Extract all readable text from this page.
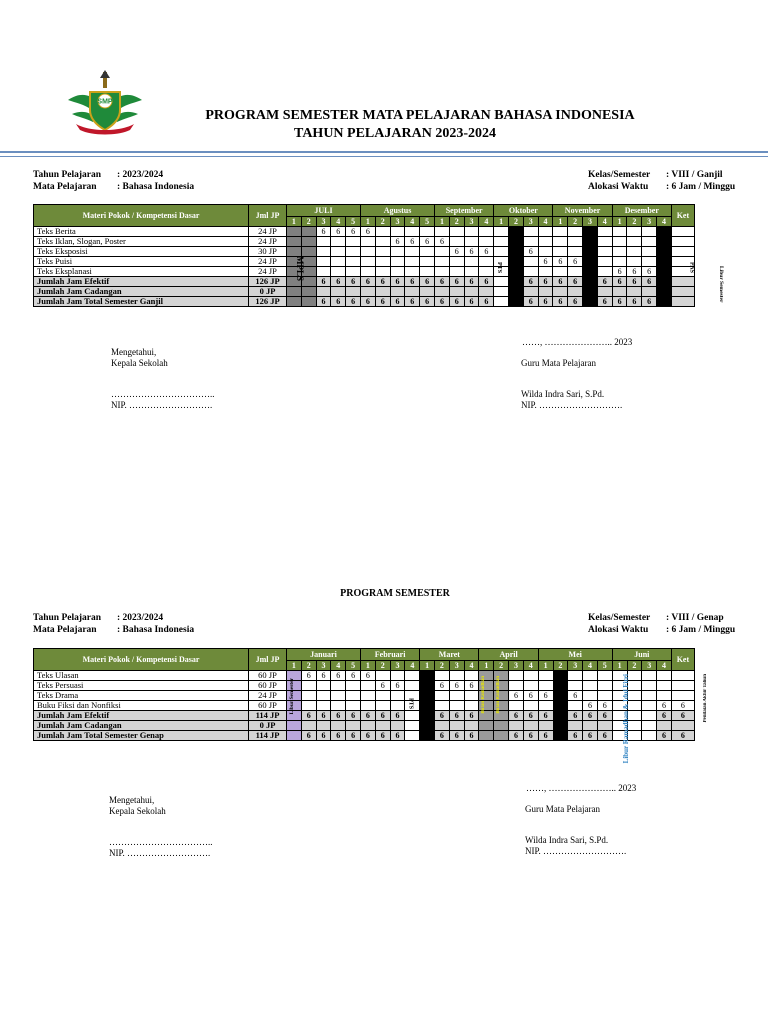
SMP
PROGRAM SEMESTER MATA PELAJARAN BAHASA INDONESIA
TAHUN PELAJARAN 2023-2024
Tahun Pelajaran : 2023/2024
Mata Pelajaran : Bahasa Indonesia
Kelas/Semester : VIII / Ganjil
Alokasi Waktu : 6 Jam / Minggu
Materi Pokok / Kompetensi Dasar	Jml JP	JULI					Agustus					September				Oktober				November				Desember				Ket	
		1	2	3	4	5	1	2	3	4	5	1	2	3	4	1	2	3	4	1	2	3	4	1	2	3	4		
Teks Berita	24 JP			6	6	6	6																									
Teks Iklan, Slogan, Poster	24 JP								6	6	6	6																				
Teks Eksposisi	30 JP												6	6	6		6	6														
Teks Puisi	24 JP																		6	6	6	6										
Teks Eksplanasi	24 JP																							6	6	6	6					
Jumlah Jam Efektif	126 JP			6	6	6	6	6	6	6	6	6	6	6	6		6	6	6	6	6	6	6	6	6	6	6					
Jumlah Jam Cadangan	0 JP																															
Jumlah Jam Total Semester Ganjil	126 JP			6	6	6	6	6	6	6	6	6	6	6	6		6	6	6	6	6	6	6	6	6	6	6					
MPLS	PTS	PAS	Libur Semester
Mengetahui,
Kepala Sekolah
……………………………..
NIP. ……………………….
……, ………………….. 2023
Guru Mata Pelajaran
Wilda Indra Sari, S.Pd.
NIP. ……………………….
PROGRAM SEMESTER
Tahun Pelajaran : 2023/2024
Mata Pelajaran : Bahasa Indonesia
Kelas/Semester : VIII / Genap
Alokasi Waktu : 6 Jam / Minggu
Materi Pokok / Kompetensi Dasar	Jml JP	Januari					Februari				Maret				April				Mei					Juni				Ket	
		1	2	3	4	5	1	2	3	4	1	2	3	4	1	2	3	4	1	2	3	4	5	1	2	3	4		
Teks Ulasan	60 JP		6	6	6	6	6																									
Teks Persuasi	60 JP							6	6			6	6	6																		
Teks Drama	24 JP																6	6	6		6											
Buku Fiksi dan Nonfiksi	60 JP																					6	6				6	6				
Jumlah Jam Efektif	114 JP		6	6	6	6	6	6	6			6	6	6			6	6	6		6	6	6				6	6				
Jumlah Jam Cadangan	0 JP																															
Jumlah Jam Total Semester Genap	114 JP		6	6	6	6	6	6	6			6	6	6			6	6	6		6	6	6				6	6				
Libur Semester	PTS	Bulan Ramadhan Bulan Ramadhan	Libur Ramadhan & Idul Fitri	Penilaian Akhir Tahun
Mengetahui,
Kepala Sekolah
……………………………..
NIP. ……………………….
……, ………………….. 2023
Guru Mata Pelajaran
Wilda Indra Sari, S.Pd.
NIP. ……………………….
